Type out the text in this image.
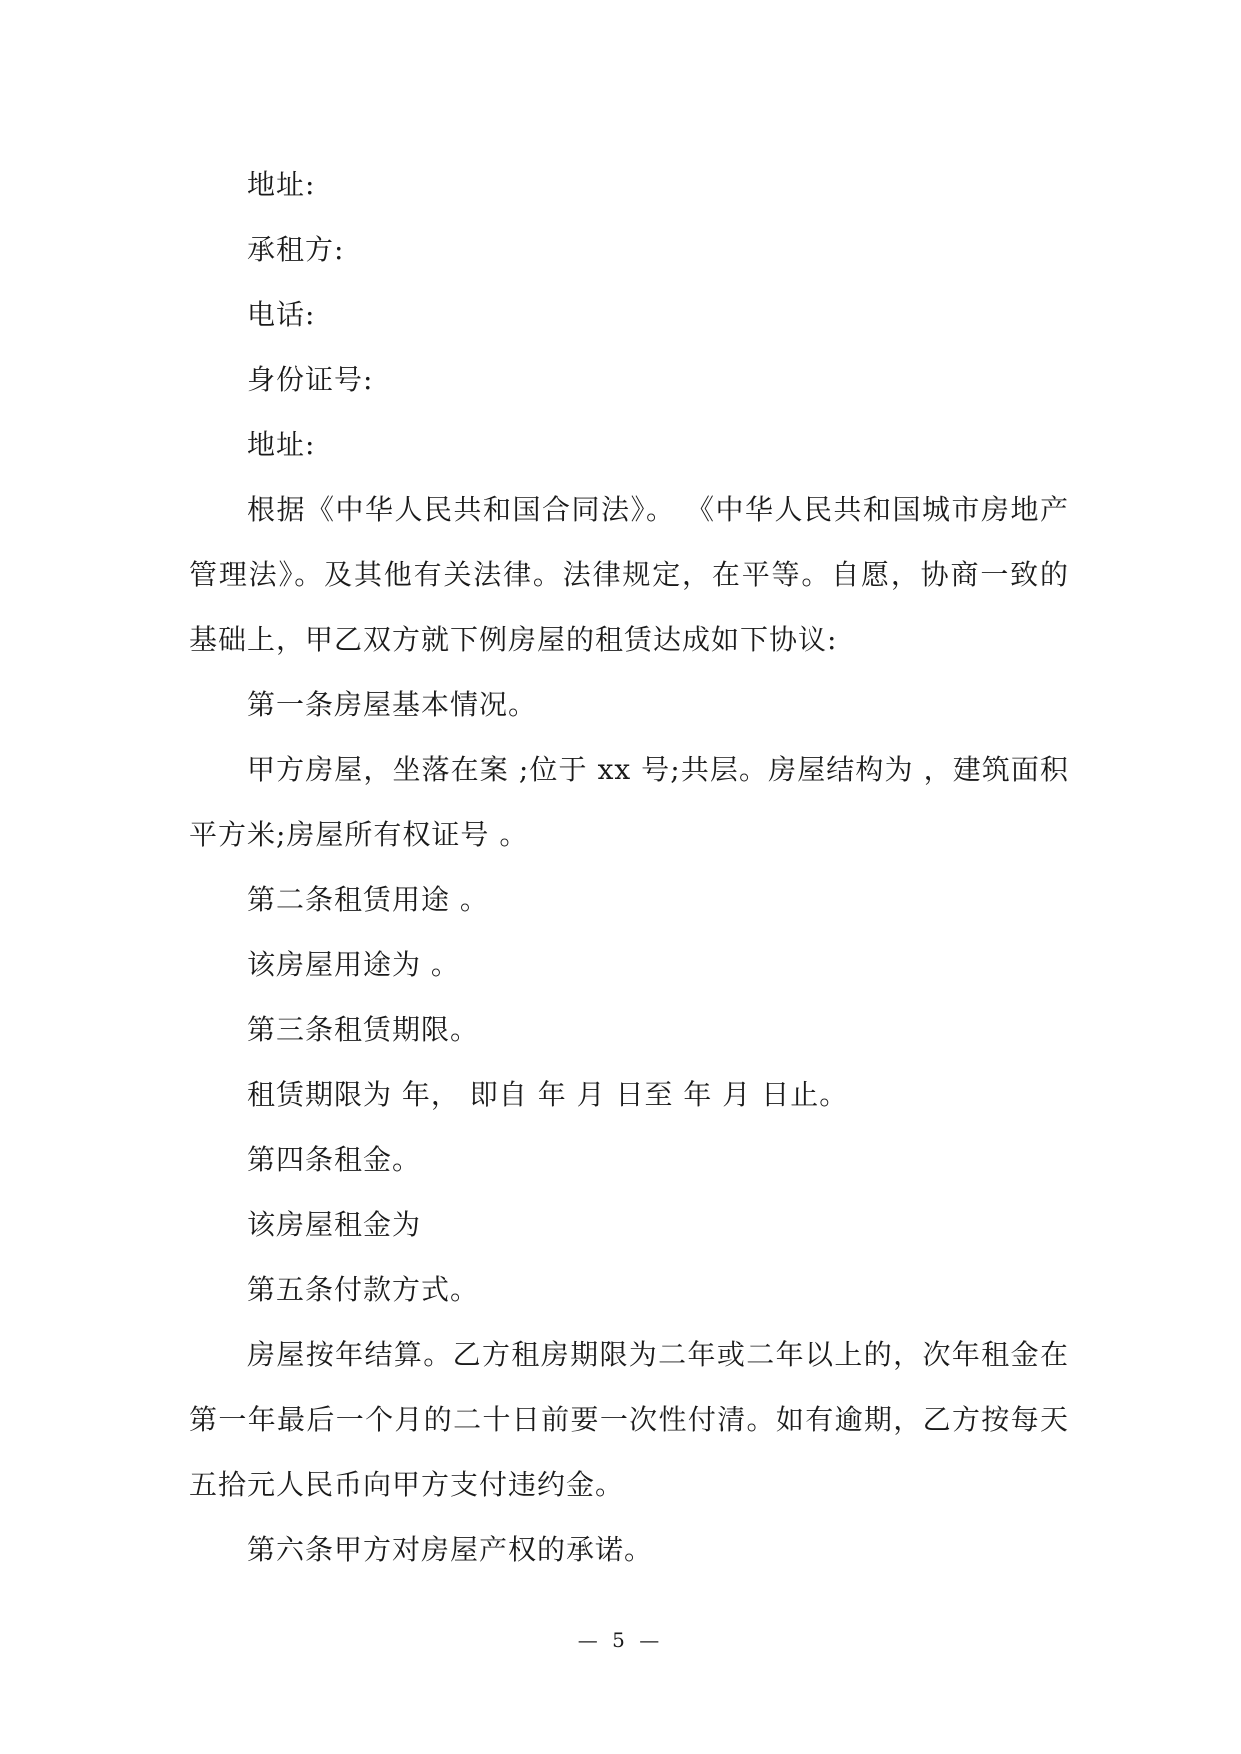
地址:

承租方:

电话:

身份证号:

地址:

根据《中华人民共和国合同法》。 《中华人民共和国城市房地产管理法》。及其他有关法律。法律规定，在平等。自愿，协商一致的基础上，甲乙双方就下例房屋的租赁达成如下协议:

第一条房屋基本情况。

甲方房屋，坐落在案 ;位于 xx 号;共层。房屋结构为 ，建筑面积平方米;房屋所有权证号 。

第二条租赁用途 。

该房屋用途为 。

第三条租赁期限。

租赁期限为 年， 即自 年 月 日至 年 月 日止。

第四条租金。

该房屋租金为

第五条付款方式。

房屋按年结算。乙方租房期限为二年或二年以上的，次年租金在第一年最后一个月的二十日前要一次性付清。如有逾期，乙方按每天五拾元人民币向甲方支付违约金。

第六条甲方对房屋产权的承诺。

— 5 —
